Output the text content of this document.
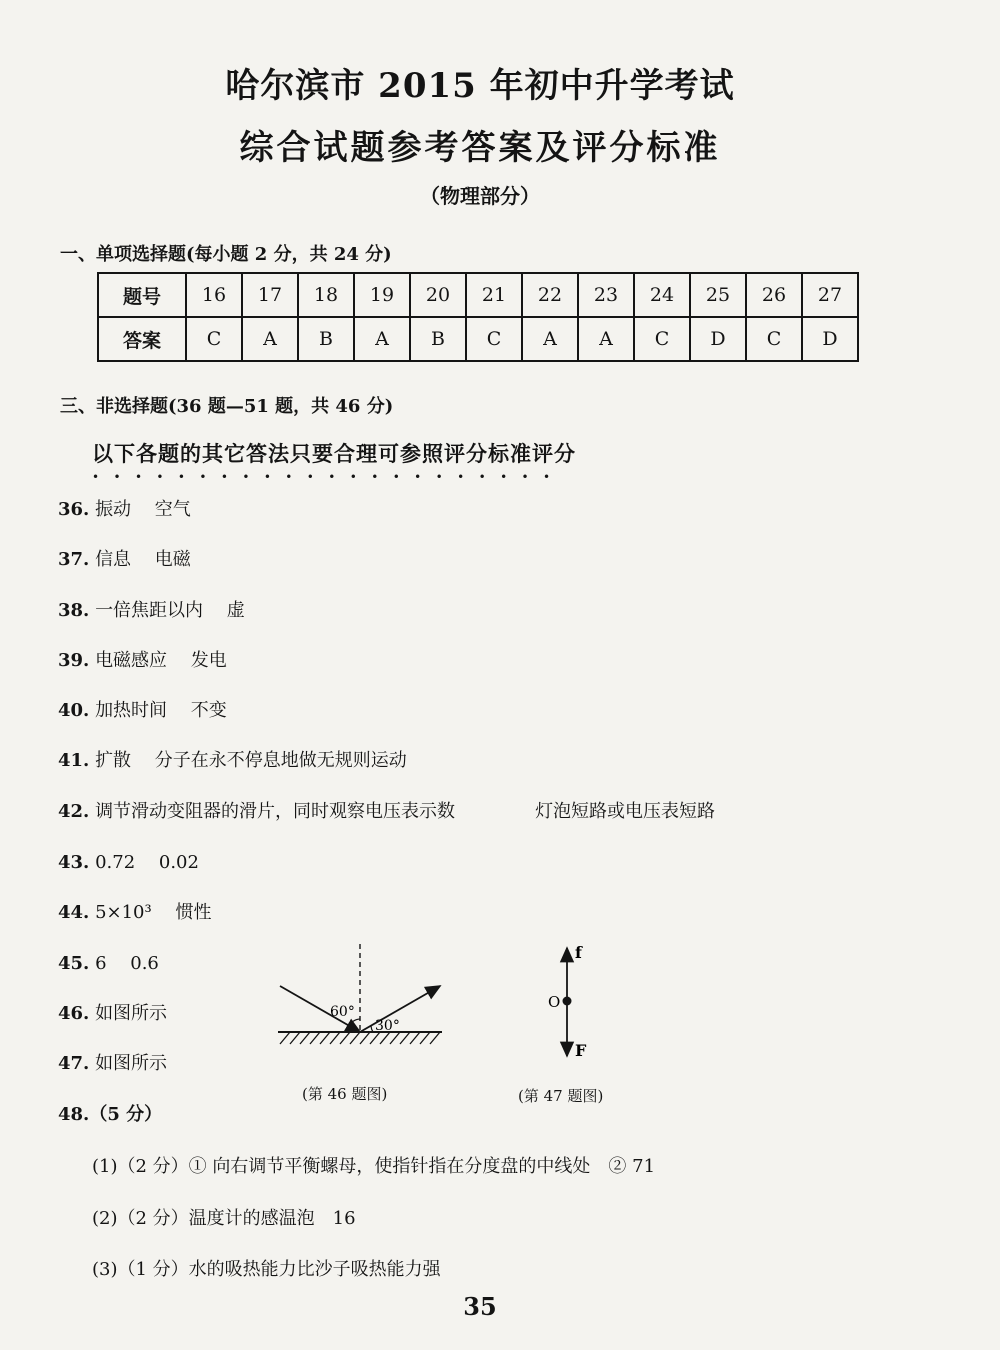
哈尔滨市 2015 年初中升学考试
综合试题参考答案及评分标准
（物理部分）
一、单项选择题(每小题 2 分，共 24 分)
题号	16	17	18	19	20	21	22	23	24	25	26	27
答案	C	A	B	A	B	C	A	A	C	D	C	D
三、非选择题(36 题—51 题，共 46 分)
以下各题的其它答法只要合理可参照评分标准评分
••••••••••••••••••••••
36. 振动　 空气
37. 信息　 电磁
38. 一倍焦距以内　 虚
39. 电磁感应　 发电
40. 加热时间　 不变
41. 扩散　 分子在永不停息地做无规则运动
42. 调节滑动变阻器的滑片，同时观察电压表示数	灯泡短路或电压表短路
43. 0.72　 0.02
44. 5×10³　 惯性
45. 6　 0.6
46. 如图所示
47. 如图所示
60°
30°
(第 46 题图)
f
O
F
(第 47 题图)
48.（5 分）
(1)（2 分）① 向右调节平衡螺母，使指针指在分度盘的中线处　② 71
(2)（2 分）温度计的感温泡　16
(3)（1 分）水的吸热能力比沙子吸热能力强
35
